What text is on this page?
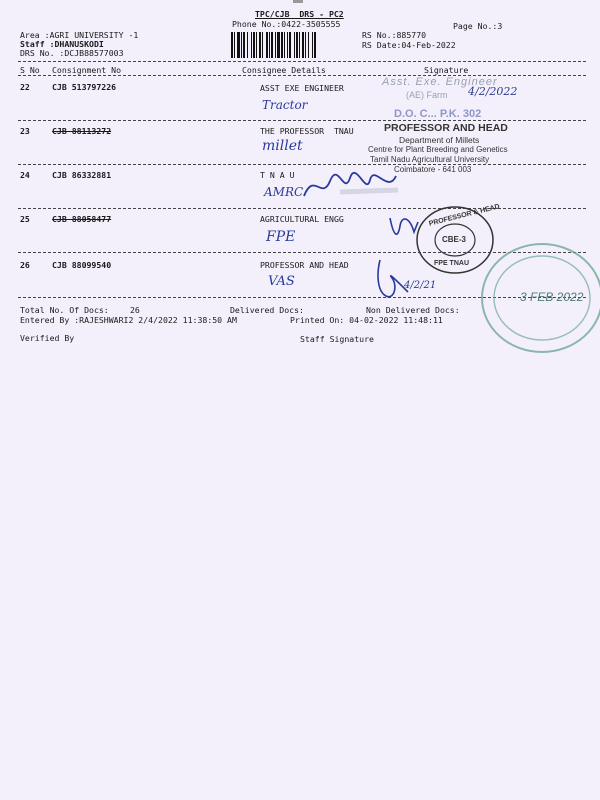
TPC/CJB  DRS - PC2
Phone No.:0422-3505555	Page No.:3
Area :AGRI UNIVERSITY -1
Staff :DHANUSKODI
DRS No. :DCJB88577003
RS No.:885770
RS Date:04-Feb-2022
S No Consignment No	Consignee Details	Signature
22	CJB 513797226	ASST EXE ENGINEER
Tractor
Asst. Exe. Engineer
(AE) Farm 4/2/2022
D.O. C... P.K. 302
23	CJB 88113272	THE PROFESSOR  TNAU
millet
PROFESSOR AND HEAD
Department of Millets
Centre for Plant Breeding and Genetics
Tamil Nadu Agricultural University
Coimbatore - 641 003
24	CJB 86332881	T N A U
AMRC
25	CJB 88058477	AGRICULTURAL ENGG
FPE
PROFESSOR & HEAD
CBE-3
FPE TNAU
26	CJB 88099540	PROFESSOR AND HEAD
VAS	4/2/21
3 FEB 2022
Total No. Of Docs:	26	Delivered Docs:	Non Delivered Docs:
Entered By :RAJESHWARI2 2/4/2022 11:38:50 AM	Printed On: 04-02-2022 11:48:11
Verified By	Staff Signature
